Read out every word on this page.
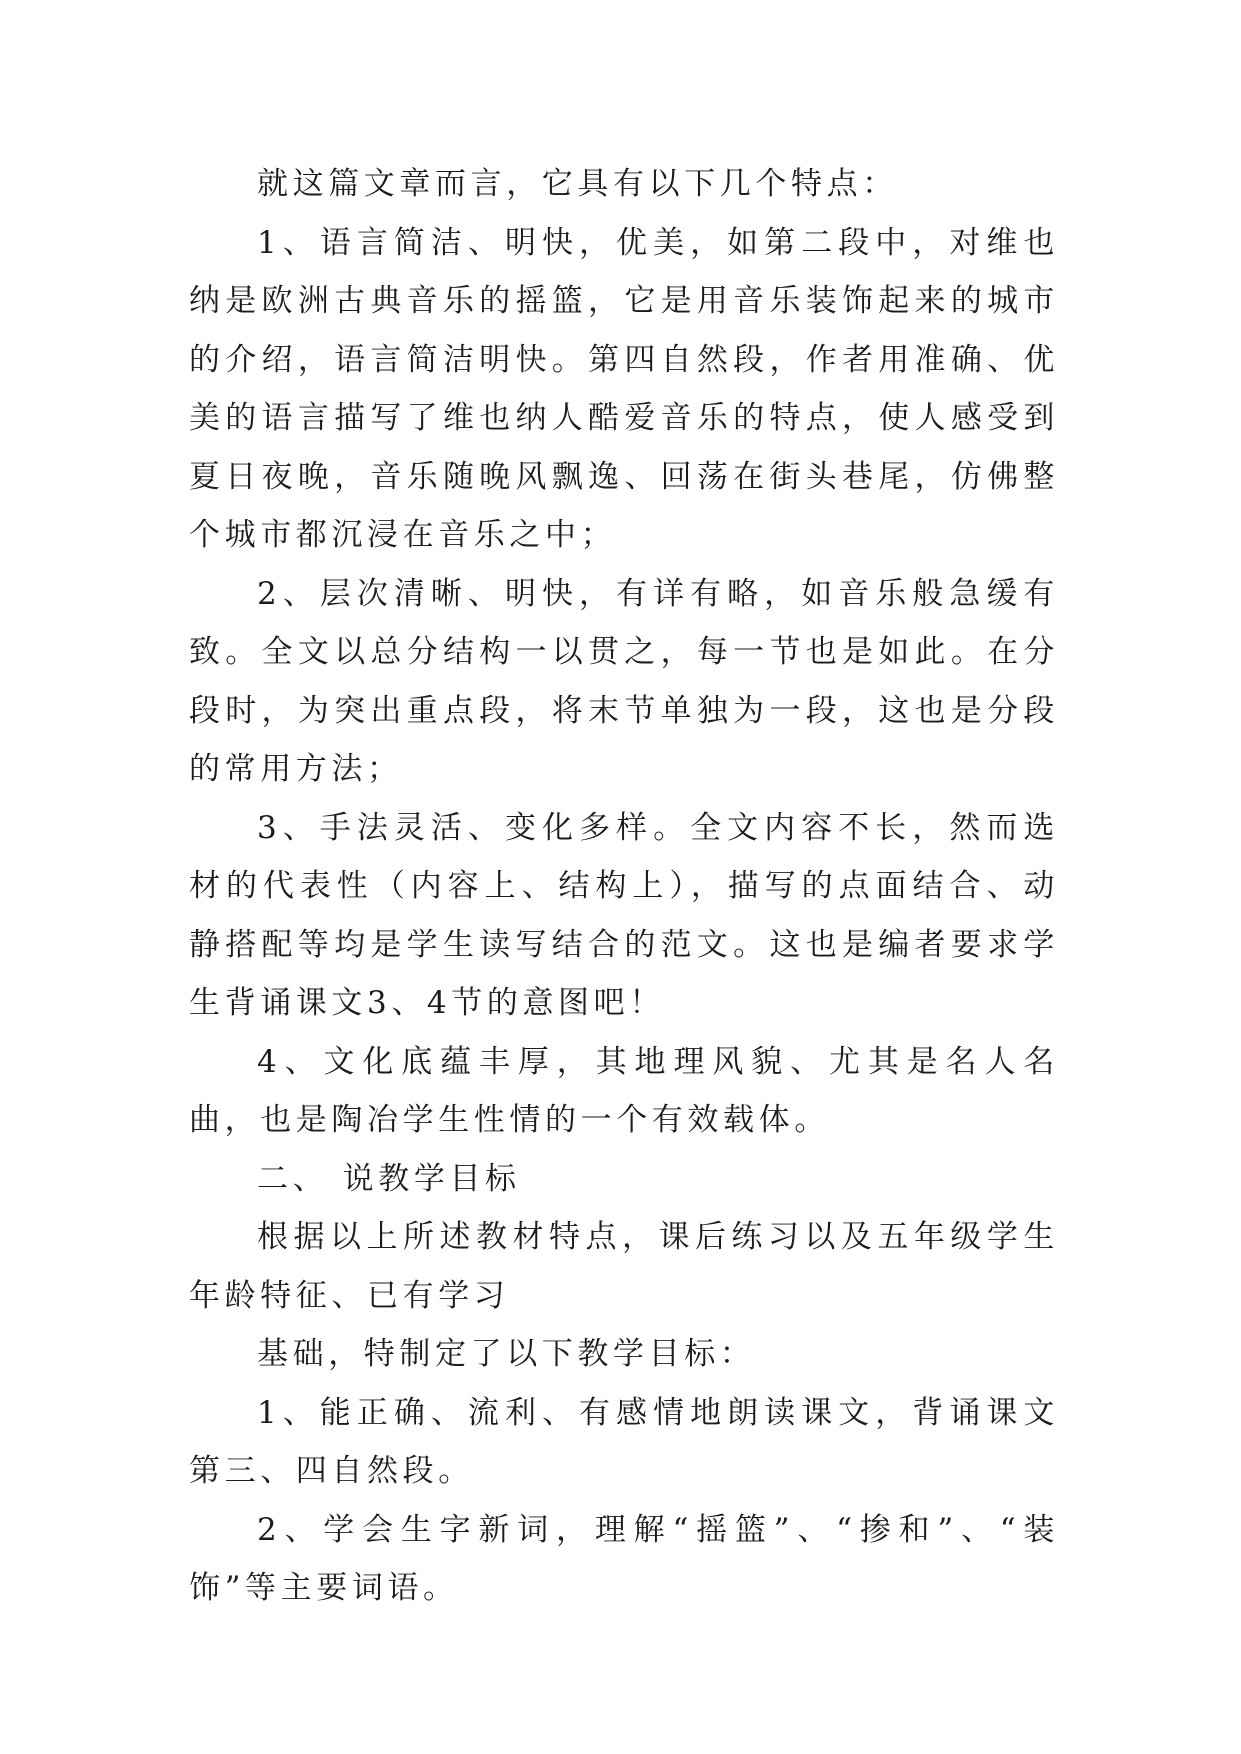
就这篇文章而言，它具有以下几个特点：

1、语言简洁、明快，优美，如第二段中，对维也纳是欧洲古典音乐的摇篮，它是用音乐装饰起来的城市的介绍，语言简洁明快。第四自然段，作者用准确、优美的语言描写了维也纳人酷爱音乐的特点，使人感受到夏日夜晚，音乐随晚风飘逸、回荡在街头巷尾，仿佛整个城市都沉浸在音乐之中；

2、层次清晰、明快，有详有略，如音乐般急缓有致。全文以总分结构一以贯之，每一节也是如此。在分段时，为突出重点段，将末节单独为一段，这也是分段的常用方法；

3、手法灵活、变化多样。全文内容不长，然而选材的代表性（内容上、结构上），描写的点面结合、动静搭配等均是学生读写结合的范文。这也是编者要求学生背诵课文3、4节的意图吧！

4、文化底蕴丰厚，其地理风貌、尤其是名人名曲，也是陶冶学生性情的一个有效载体。

二、 说教学目标

根据以上所述教材特点，课后练习以及五年级学生年龄特征、已有学习

基础，特制定了以下教学目标：

1、能正确、流利、有感情地朗读课文，背诵课文第三、四自然段。

2、学会生字新词，理解“摇篮”、“掺和”、“装饰”等主要词语。
